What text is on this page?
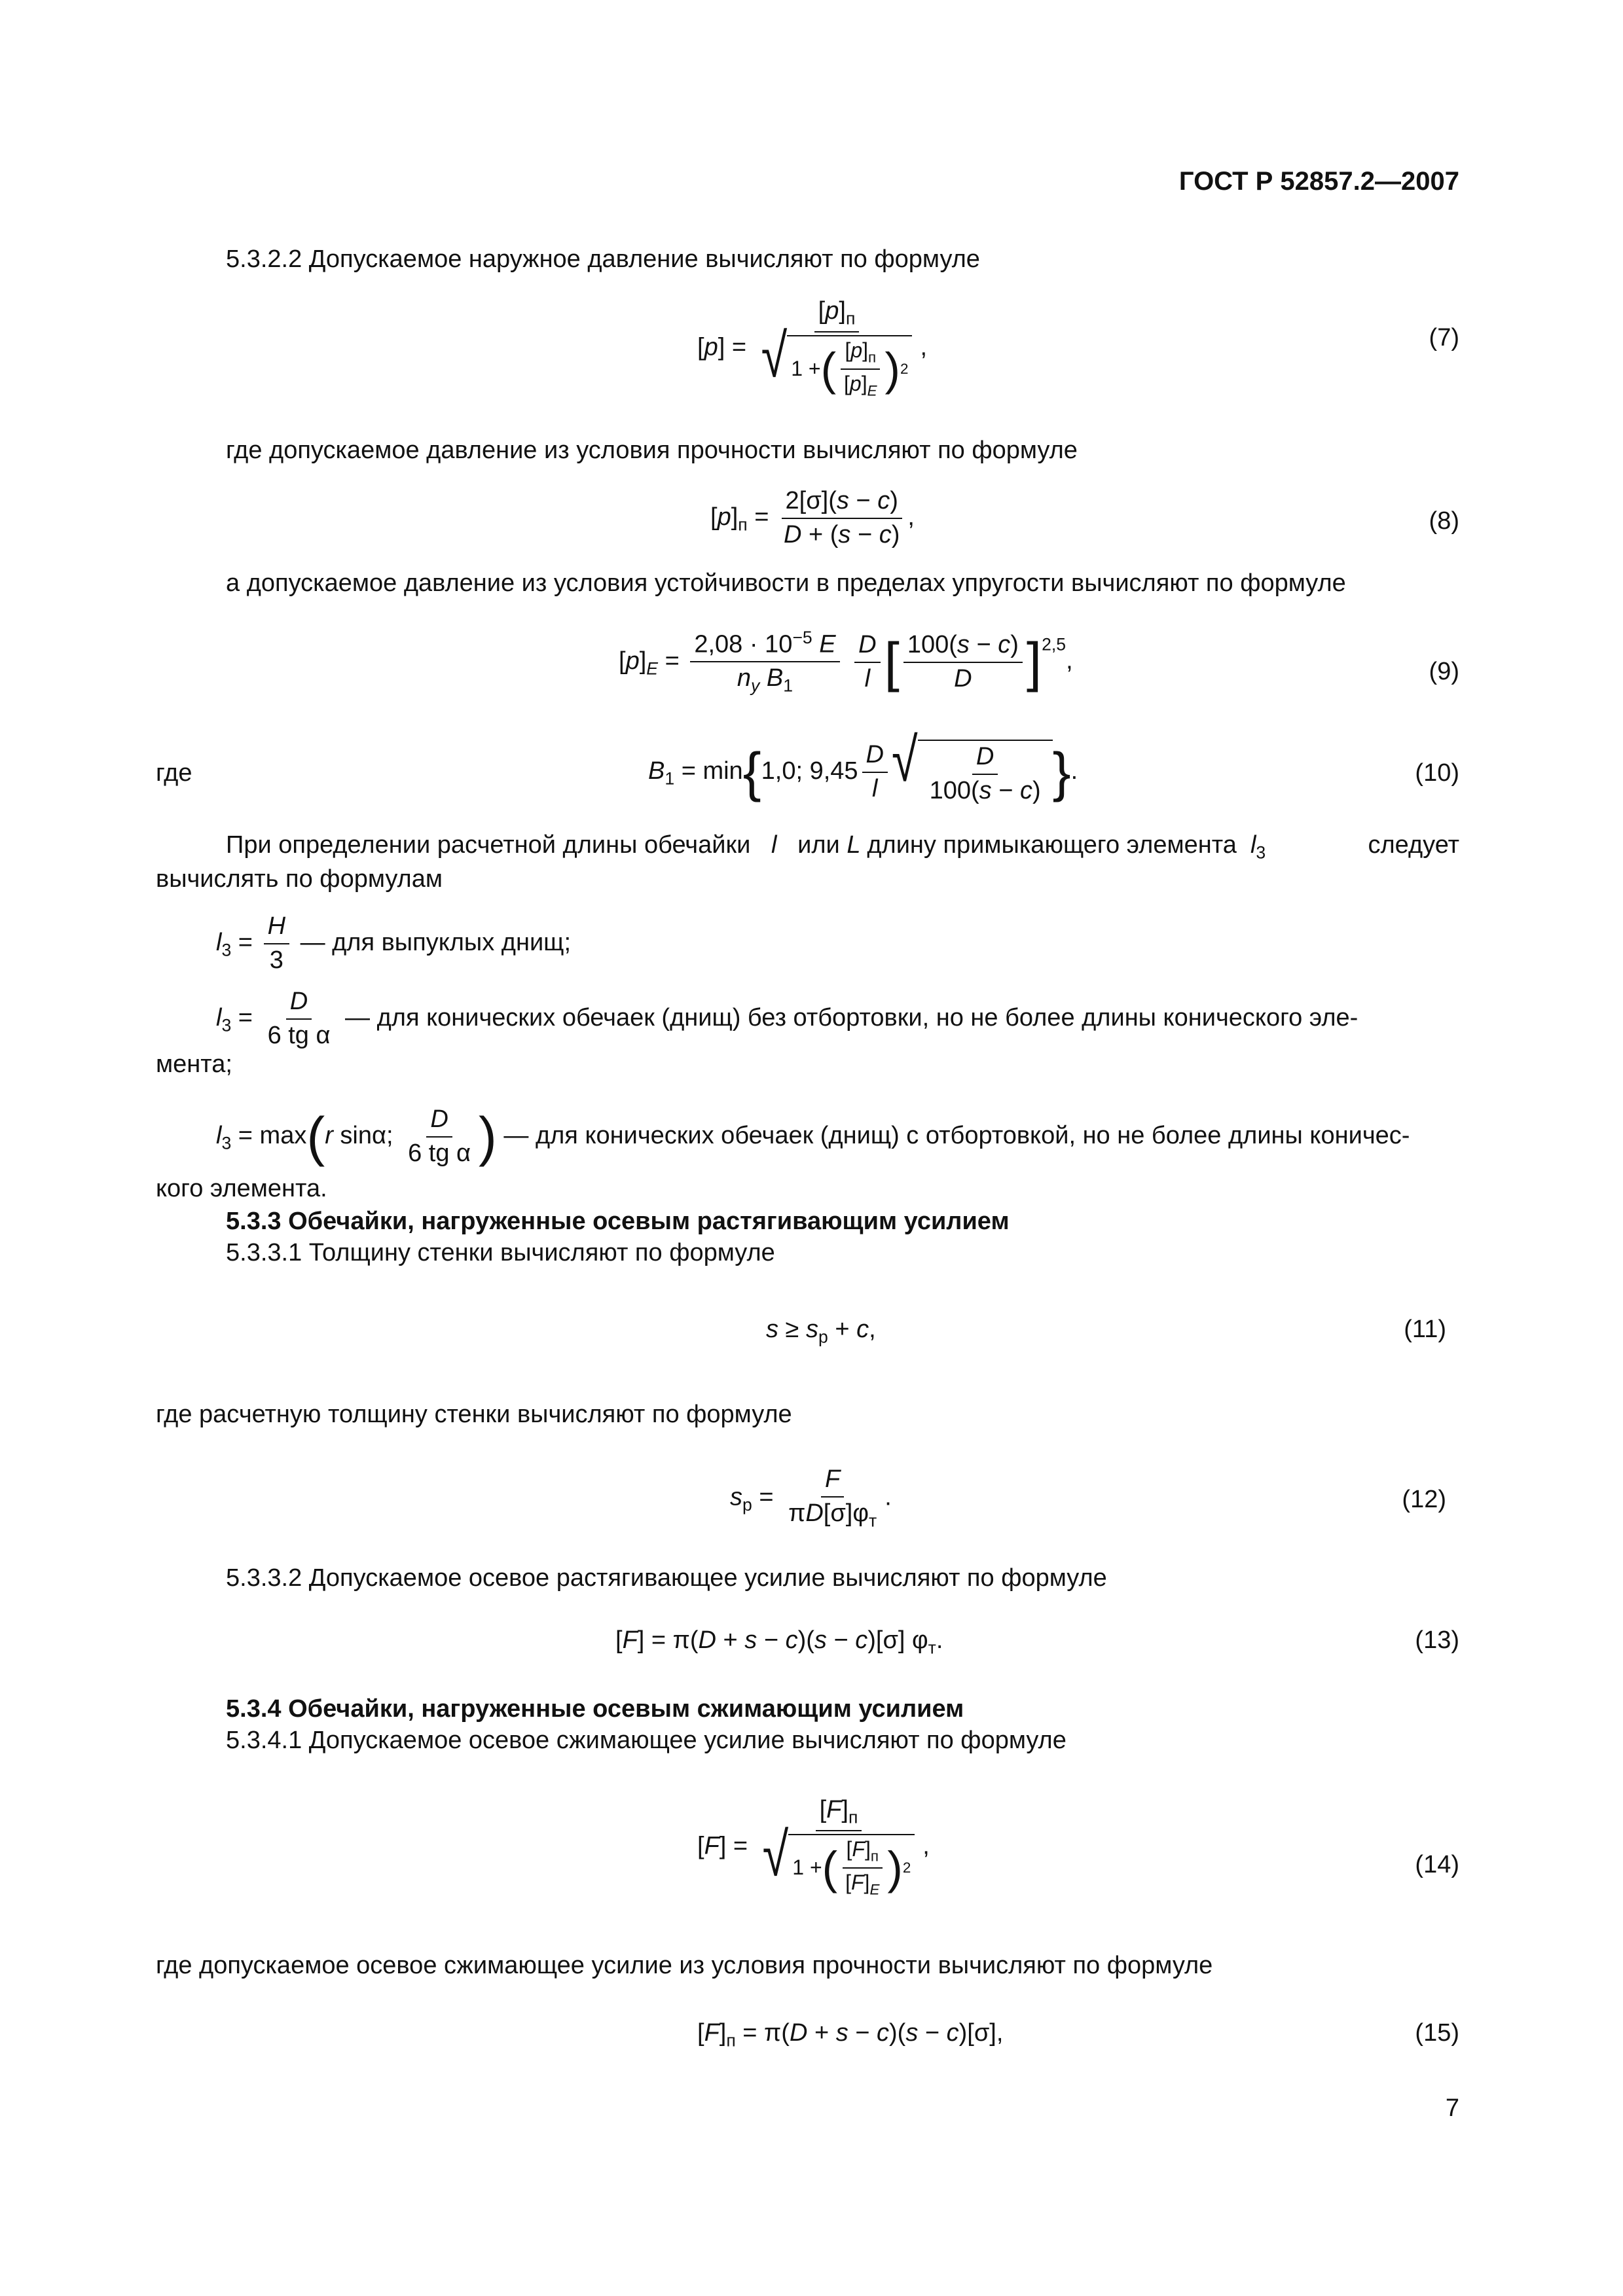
ГОСТ Р 52857.2—2007
5.3.2.2 Допускаемое наружное давление вычисляют по формуле
$[p] = \frac{[p]_п}{√ 1 + ( \frac{[p]_п}{[p]_E} ) 2}$ ,	(7)
где допускаемое давление из условия прочности вычисляют по формуле
$[p]_п = \frac{2[\sigma](s - c)}{D + (s - c)}$ ,	(8)
а допускаемое давление из условия устойчивости в пределах упругости вычисляют по формуле
$[p]_E = \frac{2,08 \cdot 10^{-5} E}{n_y B_1}$
$\frac{D}{l}$ [ $\frac{100(s - c)}{D} ]^{2,5}$,	(9)
где	$B_1 = \min\{1,0$; $9,45 \frac{D}{l}$ √ $\frac{D}{100(s - c)}$ }.	(10)
При определении расчетной длины обечайки   l   или L длину примыкающего элемента  $l_3$	следует
вычислять по формулам
$l_3 = \frac{H}{3}$ — для выпуклых днищ;
$l_3 = \frac{D}{\text{6 tg α}}$ — для конических обечаек (днищ) без отбортовки, но не более длины конического эле-
мента;
$l_3 = \max(r$ sinα; $\frac{D}{\text{6 tg α}}$ ) — для конических обечаек (днищ) с отбортовкой, но не более длины коничес-
кого элемента.
5.3.3 Обечайки, нагруженные осевым растягивающим усилием
5.3.3.1 Толщину стенки вычисляют по формуле
$s \ge s_р + c$,	(11)
где расчетную толщину стенки вычисляют по формуле
$s_р = \frac{F}{\pi D[\sigma]\varphi_т}$ .	(12)
5.3.3.2 Допускаемое осевое растягивающее усилие вычисляют по формуле
[F] = π(D + s − c)(s − c)[σ] $\varphi_т$.	(13)
5.3.4 Обечайки, нагруженные осевым сжимающим усилием
5.3.4.1 Допускаемое осевое сжимающее усилие вычисляют по формуле
$[F] = \frac{[F]_п}{√ 1 + ( \frac{[F]_п}{[F]_E} ) 2}$ ,
(14)
где допускаемое осевое сжимающее усилие из условия прочности вычисляют по формуле
$[F]_п = \pi(D + s - c)(s - c)[\sigma]$,	(15)
7
